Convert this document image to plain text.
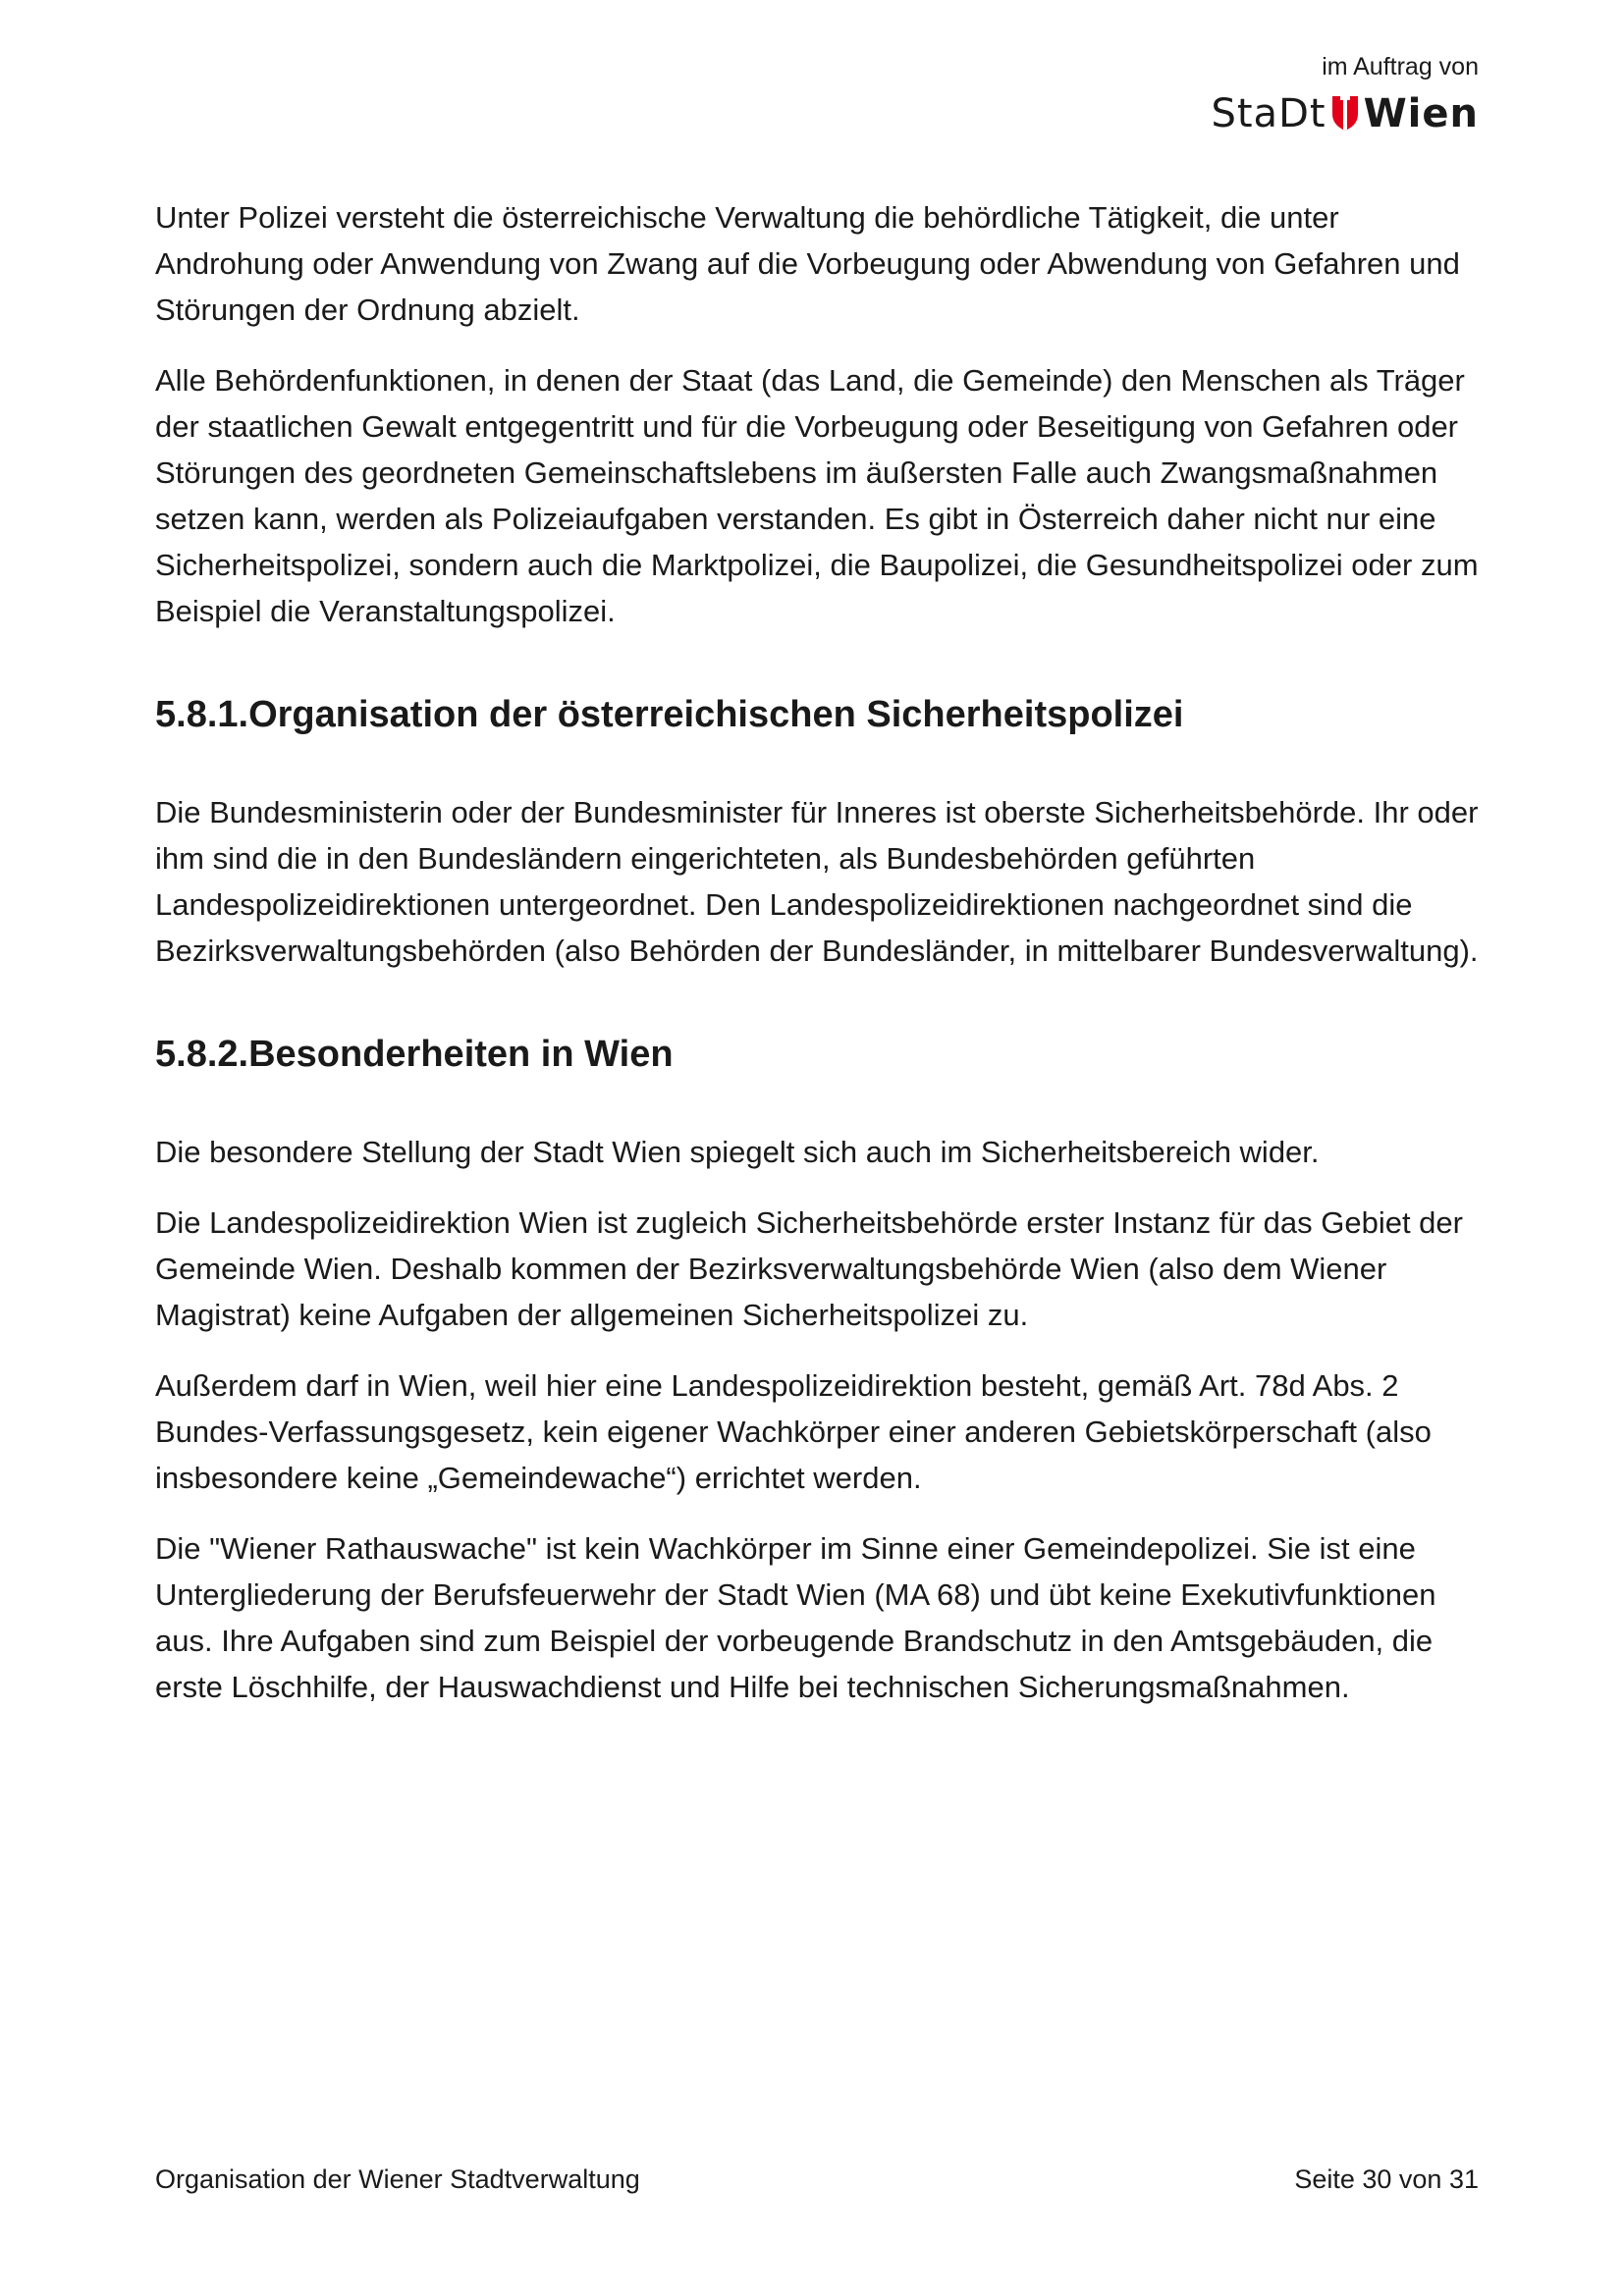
im Auftrag von
StaDt Wien

Unter Polizei versteht die österreichische Verwaltung die behördliche Tätigkeit, die unter Androhung oder Anwendung von Zwang auf die Vorbeugung oder Abwendung von Gefahren und Störungen der Ordnung abzielt.

Alle Behördenfunktionen, in denen der Staat (das Land, die Gemeinde) den Menschen als Träger der staatlichen Gewalt entgegentritt und für die Vorbeugung oder Beseitigung von Gefahren oder Störungen des geordneten Gemeinschaftslebens im äußersten Falle auch Zwangsmaßnahmen setzen kann, werden als Polizeiaufgaben verstanden. Es gibt in Österreich daher nicht nur eine Sicherheitspolizei, sondern auch die Marktpolizei, die Baupolizei, die Gesundheitspolizei oder zum Beispiel die Veranstaltungspolizei.

5.8.1.Organisation der österreichischen Sicherheitspolizei

Die Bundesministerin oder der Bundesminister für Inneres ist oberste Sicherheitsbehörde. Ihr oder ihm sind die in den Bundesländern eingerichteten, als Bundesbehörden geführten Landespolizeidirektionen untergeordnet. Den Landespolizeidirektionen nachgeordnet sind die Bezirksverwaltungsbehörden (also Behörden der Bundesländer, in mittelbarer Bundesverwaltung).

5.8.2.Besonderheiten in Wien

Die besondere Stellung der Stadt Wien spiegelt sich auch im Sicherheitsbereich wider.

Die Landespolizeidirektion Wien ist zugleich Sicherheitsbehörde erster Instanz für das Gebiet der Gemeinde Wien. Deshalb kommen der Bezirksverwaltungsbehörde Wien (also dem Wiener Magistrat) keine Aufgaben der allgemeinen Sicherheitspolizei zu.

Außerdem darf in Wien, weil hier eine Landespolizeidirektion besteht, gemäß Art. 78d Abs. 2 Bundes-Verfassungsgesetz, kein eigener Wachkörper einer anderen Gebietskörperschaft (also insbesondere keine „Gemeindewache“) errichtet werden.

Die "Wiener Rathauswache" ist kein Wachkörper im Sinne einer Gemeindepolizei. Sie ist eine Untergliederung der Berufsfeuerwehr der Stadt Wien (MA 68) und übt keine Exekutivfunktionen aus. Ihre Aufgaben sind zum Beispiel der vorbeugende Brandschutz in den Amtsgebäuden, die erste Löschhilfe, der Hauswachdienst und Hilfe bei technischen Sicherungsmaßnahmen.

Organisation der Wiener Stadtverwaltung	Seite 30 von 31
